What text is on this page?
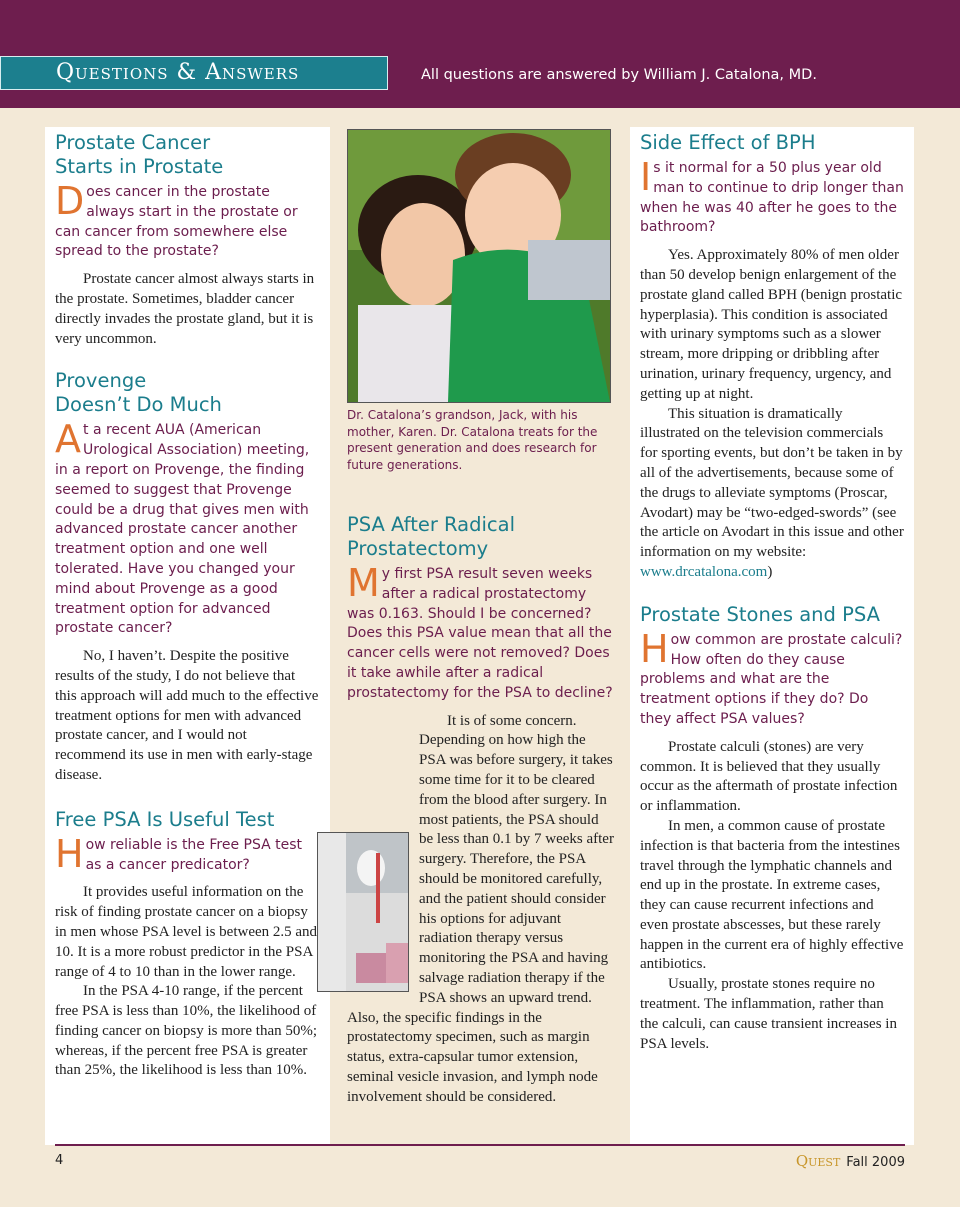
Questions & Answers	All questions are answered by William J. Catalona, MD.
Prostate Cancer
Starts in Prostate

Does cancer in the prostate always start in the prostate or can cancer from somewhere else spread to the prostate?

Prostate cancer almost always starts in the prostate. Sometimes, bladder cancer directly invades the prostate gland, but it is very uncommon.

Provenge
Doesn’t Do Much

At a recent AUA (American Urological Association) meeting, in a report on Provenge, the finding seemed to suggest that Provenge could be a drug that gives men with advanced prostate cancer another treatment option and one well tolerated. Have you changed your mind about Provenge as a good treatment option for advanced prostate cancer?

No, I haven’t. Despite the positive results of the study, I do not believe that this approach will add much to the effective treatment options for men with advanced prostate cancer, and I would not recommend its use in men with early-stage disease.

Free PSA Is Useful Test

How reliable is the Free PSA test as a cancer predicator?

It provides useful information on the risk of finding prostate cancer on a biopsy in men whose PSA level is between 2.5 and 10. It is a more robust predictor in the PSA range of 4 to 10 than in the lower range.

In the PSA 4-10 range, if the percent free PSA is less than 10%, the likelihood of finding cancer on biopsy is more than 50%; whereas, if the percent free PSA is greater than 25%, the likelihood is less than 10%.

Dr. Catalona’s grandson, Jack, with his mother, Karen. Dr. Catalona treats for the present generation and does research for future generations.

PSA After Radical
Prostatectomy

My first PSA result seven weeks after a radical prostatectomy was 0.163. Should I be concerned? Does this PSA value mean that all the cancer cells were not removed? Does it take awhile after a radical prostatectomy for the PSA to decline?

It is of some concern. Depending on how high the PSA was before surgery, it takes some time for it to be cleared from the blood after surgery. In most patients, the PSA should be less than 0.1 by 7 weeks after surgery. Therefore, the PSA should be monitored carefully, and the patient should consider his options for adjuvant radiation therapy versus monitoring the PSA and having salvage radiation therapy if the PSA shows an upward trend. Also, the specific findings in the prostatectomy specimen, such as margin status, extra-capsular tumor extension, seminal vesicle invasion, and lymph node involvement should be considered.

Side Effect of BPH

Is it normal for a 50 plus year old man to continue to drip longer than when he was 40 after he goes to the bathroom?

Yes. Approximately 80% of men older than 50 develop benign enlargement of the prostate gland called BPH (benign prostatic hyperplasia). This condition is associated with urinary symptoms such as a slower stream, more dripping or dribbling after urination, urinary frequency, urgency, and getting up at night.

This situation is dramatically illustrated on the television commercials for sporting events, but don’t be taken in by all of the advertisements, because some of the drugs to alleviate symptoms (Proscar, Avodart) may be “two-edged-swords” (see the article on Avodart in this issue and other information on my website: www.drcatalona.com)

Prostate Stones and PSA

How common are prostate calculi? How often do they cause problems and what are the treatment options if they do? Do they affect PSA values?

Prostate calculi (stones) are very common. It is believed that they usually occur as the aftermath of prostate infection or inflammation.

In men, a common cause of prostate infection is that bacteria from the intestines travel through the lymphatic channels and end up in the prostate. In extreme cases, they can cause recurrent infections and even prostate abscesses, but these rarely happen in the current era of highly effective antibiotics.

Usually, prostate stones require no treatment. The inflammation, rather than the calculi, can cause transient increases in PSA levels.

4	Quest Fall 2009
